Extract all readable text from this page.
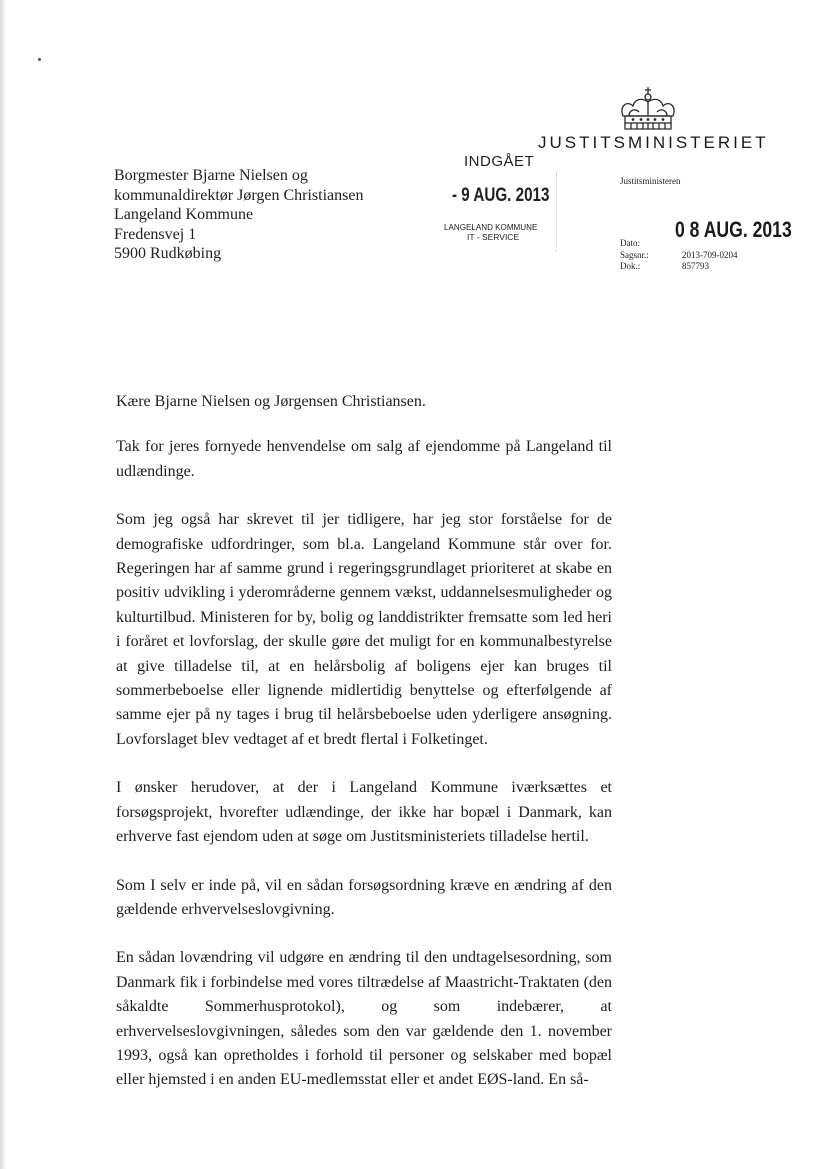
JUSTITSMINISTERIET
Justitsministeren
Borgmester Bjarne Nielsen og
kommunaldirektør Jørgen Christiansen
Langeland Kommune
Fredensvej 1
5900 Rudkøbing
INDGÅET
- 9 AUG. 2013
LANGELAND KOMMUNE
IT - SERVICE	0 8 AUG. 2013
Dato:
Sagsnr.:	2013-709-0204
Dok.:	857793

Kære Bjarne Nielsen og Jørgensen Christiansen.

Tak for jeres fornyede henvendelse om salg af ejendomme på Langeland til udlændinge.

Som jeg også har skrevet til jer tidligere, har jeg stor forståelse for de demografiske udfordringer, som bl.a. Langeland Kommune står over for. Regeringen har af samme grund i regeringsgrundlaget prioriteret at skabe en positiv udvikling i yderområderne gennem vækst, uddannelsesmuligheder og kulturtilbud. Ministeren for by, bolig og landdistrikter fremsatte som led heri i foråret et lovforslag, der skulle gøre det muligt for en kommunalbestyrelse at give tilladelse til, at en helårsbolig af boligens ejer kan bruges til sommerbeboelse eller lignende midlertidig benyttelse og efterfølgende af samme ejer på ny tages i brug til helårsbeboelse uden yderligere ansøgning. Lovforslaget blev vedtaget af et bredt flertal i Folketinget.

I ønsker herudover, at der i Langeland Kommune iværksættes et forsøgsprojekt, hvorefter udlændinge, der ikke har bopæl i Danmark, kan erhverve fast ejendom uden at søge om Justitsministeriets tilladelse hertil.

Som I selv er inde på, vil en sådan forsøgsordning kræve en ændring af den gældende erhvervelseslovgivning.

En sådan lovændring vil udgøre en ændring til den undtagelsesordning, som Danmark fik i forbindelse med vores tiltrædelse af Maastricht-Traktaten (den såkaldte Sommerhusprotokol), og som indebærer, at erhvervelseslovgivningen, således som den var gældende den 1. november 1993, også kan opretholdes i forhold til personer og selskaber med bopæl eller hjemsted i en anden EU-medlemsstat eller et andet EØS-land. En så-
